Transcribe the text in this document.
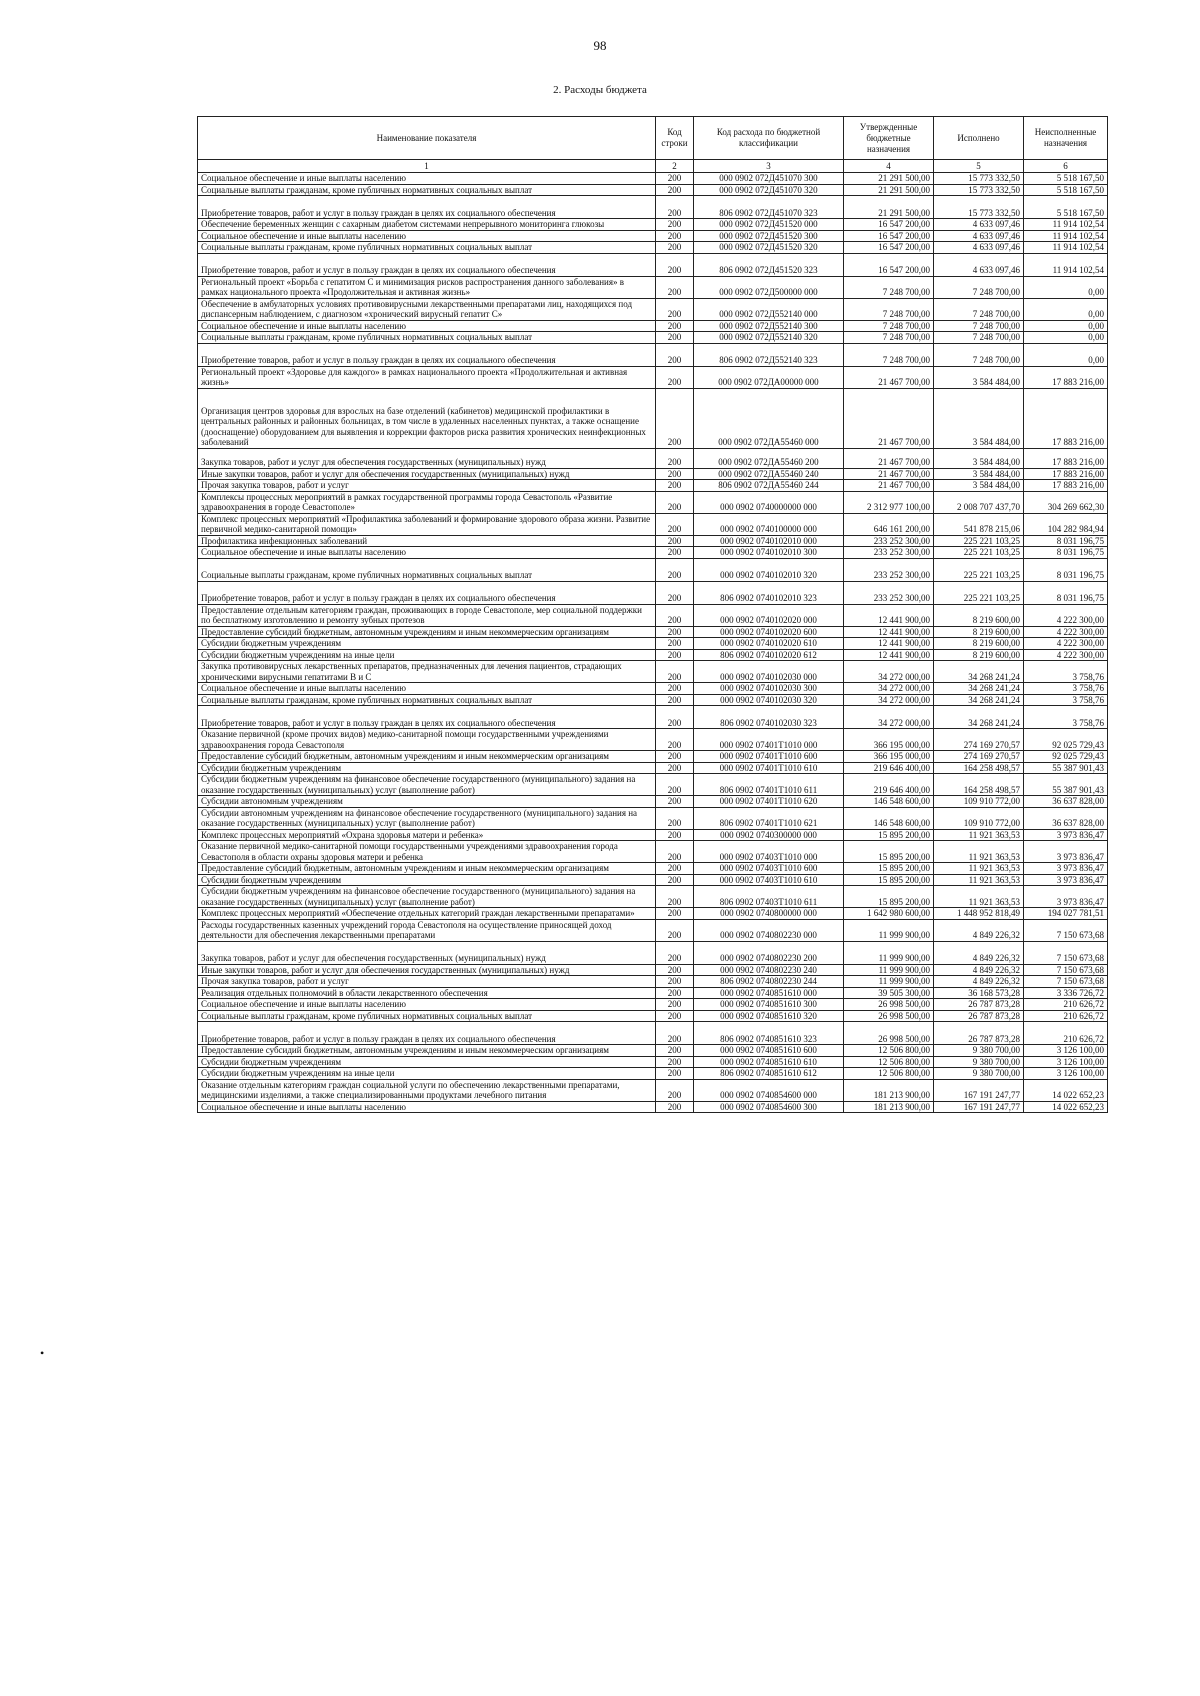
98
2. Расходы бюджета
•
Наименование показателя	Код строки	Код расхода по бюджетной классификации	Утвержденные бюджетные назначения	Исполнено	Неисполненные назначения
1	2	3	4	5	6
Социальное обеспечение и иные выплаты населению	200	000 0902 072Д451070 300	21 291 500,00	15 773 332,50	5 518 167,50
Социальные выплаты гражданам, кроме публичных нормативных социальных выплат	200	000 0902 072Д451070 320	21 291 500,00	15 773 332,50	5 518 167,50
Приобретение товаров, работ и услуг в пользу граждан в целях их социального обеспечения	200	806 0902 072Д451070 323	21 291 500,00	15 773 332,50	5 518 167,50
Обеспечение беременных женщин с сахарным диабетом системами непрерывного мониторинга глюкозы	200	000 0902 072Д451520 000	16 547 200,00	4 633 097,46	11 914 102,54
Социальное обеспечение и иные выплаты населению	200	000 0902 072Д451520 300	16 547 200,00	4 633 097,46	11 914 102,54
Социальные выплаты гражданам, кроме публичных нормативных социальных выплат	200	000 0902 072Д451520 320	16 547 200,00	4 633 097,46	11 914 102,54
Приобретение товаров, работ и услуг в пользу граждан в целях их социального обеспечения	200	806 0902 072Д451520 323	16 547 200,00	4 633 097,46	11 914 102,54
Региональный проект «Борьба с гепатитом С и минимизация рисков распространения данного заболевания» в рамках национального проекта «Продолжительная и активная жизнь»	200	000 0902 072Д500000 000	7 248 700,00	7 248 700,00	0,00
Обеспечение в амбулаторных условиях противовирусными лекарственными препаратами лиц, находящихся под диспансерным наблюдением, с диагнозом «хронический вирусный гепатит С»	200	000 0902 072Д552140 000	7 248 700,00	7 248 700,00	0,00
Социальное обеспечение и иные выплаты населению	200	000 0902 072Д552140 300	7 248 700,00	7 248 700,00	0,00
Социальные выплаты гражданам, кроме публичных нормативных социальных выплат	200	000 0902 072Д552140 320	7 248 700,00	7 248 700,00	0,00
Приобретение товаров, работ и услуг в пользу граждан в целях их социального обеспечения	200	806 0902 072Д552140 323	7 248 700,00	7 248 700,00	0,00
Региональный проект «Здоровье для каждого» в рамках национального проекта «Продолжительная и активная жизнь»	200	000 0902 072ДА00000 000	21 467 700,00	3 584 484,00	17 883 216,00
Организация центров здоровья для взрослых на базе отделений (кабинетов) медицинской профилактики в центральных районных и районных больницах, в том числе в удаленных населенных пунктах, а также оснащение (дооснащение) оборудованием для выявления и коррекции факторов риска развития хронических неинфекционных заболеваний	200	000 0902 072ДА55460 000	21 467 700,00	3 584 484,00	17 883 216,00
Закупка товаров, работ и услуг для обеспечения государственных (муниципальных) нужд	200	000 0902 072ДА55460 200	21 467 700,00	3 584 484,00	17 883 216,00
Иные закупки товаров, работ и услуг для обеспечения государственных (муниципальных) нужд	200	000 0902 072ДА55460 240	21 467 700,00	3 584 484,00	17 883 216,00
Прочая закупка товаров, работ и услуг	200	806 0902 072ДА55460 244	21 467 700,00	3 584 484,00	17 883 216,00
Комплексы процессных мероприятий в рамках государственной программы города Севастополь «Развитие здравоохранения в городе Севастополе»	200	000 0902 0740000000 000	2 312 977 100,00	2 008 707 437,70	304 269 662,30
Комплекс процессных мероприятий «Профилактика заболеваний и формирование здорового образа жизни. Развитие первичной медико-санитарной помощи»	200	000 0902 0740100000 000	646 161 200,00	541 878 215,06	104 282 984,94
Профилактика инфекционных заболеваний	200	000 0902 0740102010 000	233 252 300,00	225 221 103,25	8 031 196,75
Социальное обеспечение и иные выплаты населению	200	000 0902 0740102010 300	233 252 300,00	225 221 103,25	8 031 196,75
Социальные выплаты гражданам, кроме публичных нормативных социальных выплат	200	000 0902 0740102010 320	233 252 300,00	225 221 103,25	8 031 196,75
Приобретение товаров, работ и услуг в пользу граждан в целях их социального обеспечения	200	806 0902 0740102010 323	233 252 300,00	225 221 103,25	8 031 196,75
Предоставление отдельным категориям граждан, проживающих в городе Севастополе, мер социальной поддержки по бесплатному изготовлению и ремонту зубных протезов	200	000 0902 0740102020 000	12 441 900,00	8 219 600,00	4 222 300,00
Предоставление субсидий бюджетным, автономным учреждениям и иным некоммерческим организациям	200	000 0902 0740102020 600	12 441 900,00	8 219 600,00	4 222 300,00
Субсидии бюджетным учреждениям	200	000 0902 0740102020 610	12 441 900,00	8 219 600,00	4 222 300,00
Субсидии бюджетным учреждениям на иные цели	200	806 0902 0740102020 612	12 441 900,00	8 219 600,00	4 222 300,00
Закупка противовирусных лекарственных препаратов, предназначенных для лечения пациентов, страдающих хроническими вирусными гепатитами В и С	200	000 0902 0740102030 000	34 272 000,00	34 268 241,24	3 758,76
Социальное обеспечение и иные выплаты населению	200	000 0902 0740102030 300	34 272 000,00	34 268 241,24	3 758,76
Социальные выплаты гражданам, кроме публичных нормативных социальных выплат	200	000 0902 0740102030 320	34 272 000,00	34 268 241,24	3 758,76
Приобретение товаров, работ и услуг в пользу граждан в целях их социального обеспечения	200	806 0902 0740102030 323	34 272 000,00	34 268 241,24	3 758,76
Оказание первичной (кроме прочих видов) медико-санитарной помощи государственными учреждениями здравоохранения города Севастополя	200	000 0902 07401Т1010 000	366 195 000,00	274 169 270,57	92 025 729,43
Предоставление субсидий бюджетным, автономным учреждениям и иным некоммерческим организациям	200	000 0902 07401Т1010 600	366 195 000,00	274 169 270,57	92 025 729,43
Субсидии бюджетным учреждениям	200	000 0902 07401Т1010 610	219 646 400,00	164 258 498,57	55 387 901,43
Субсидии бюджетным учреждениям на финансовое обеспечение государственного (муниципального) задания на оказание государственных (муниципальных) услуг (выполнение работ)	200	806 0902 07401Т1010 611	219 646 400,00	164 258 498,57	55 387 901,43
Субсидии автономным учреждениям	200	000 0902 07401Т1010 620	146 548 600,00	109 910 772,00	36 637 828,00
Субсидии автономным учреждениям на финансовое обеспечение государственного (муниципального) задания на оказание государственных (муниципальных) услуг (выполнение работ)	200	806 0902 07401Т1010 621	146 548 600,00	109 910 772,00	36 637 828,00
Комплекс процессных мероприятий «Охрана здоровья матери и ребенка»	200	000 0902 0740300000 000	15 895 200,00	11 921 363,53	3 973 836,47
Оказание первичной медико-санитарной помощи государственными учреждениями здравоохранения города Севастополя в области охраны здоровья матери и ребенка	200	000 0902 07403Т1010 000	15 895 200,00	11 921 363,53	3 973 836,47
Предоставление субсидий бюджетным, автономным учреждениям и иным некоммерческим организациям	200	000 0902 07403Т1010 600	15 895 200,00	11 921 363,53	3 973 836,47
Субсидии бюджетным учреждениям	200	000 0902 07403Т1010 610	15 895 200,00	11 921 363,53	3 973 836,47
Субсидии бюджетным учреждениям на финансовое обеспечение государственного (муниципального) задания на оказание государственных (муниципальных) услуг (выполнение работ)	200	806 0902 07403Т1010 611	15 895 200,00	11 921 363,53	3 973 836,47
Комплекс процессных мероприятий «Обеспечение отдельных категорий граждан лекарственными препаратами»	200	000 0902 0740800000 000	1 642 980 600,00	1 448 952 818,49	194 027 781,51
Расходы государственных казенных учреждений города Севастополя на осуществление приносящей доход деятельности для обеспечения лекарственными препаратами	200	000 0902 0740802230 000	11 999 900,00	4 849 226,32	7 150 673,68
Закупка товаров, работ и услуг для обеспечения государственных (муниципальных) нужд	200	000 0902 0740802230 200	11 999 900,00	4 849 226,32	7 150 673,68
Иные закупки товаров, работ и услуг для обеспечения государственных (муниципальных) нужд	200	000 0902 0740802230 240	11 999 900,00	4 849 226,32	7 150 673,68
Прочая закупка товаров, работ и услуг	200	806 0902 0740802230 244	11 999 900,00	4 849 226,32	7 150 673,68
Реализация отдельных полномочий в области лекарственного обеспечения	200	000 0902 0740851610 000	39 505 300,00	36 168 573,28	3 336 726,72
Социальное обеспечение и иные выплаты населению	200	000 0902 0740851610 300	26 998 500,00	26 787 873,28	210 626,72
Социальные выплаты гражданам, кроме публичных нормативных социальных выплат	200	000 0902 0740851610 320	26 998 500,00	26 787 873,28	210 626,72
Приобретение товаров, работ и услуг в пользу граждан в целях их социального обеспечения	200	806 0902 0740851610 323	26 998 500,00	26 787 873,28	210 626,72
Предоставление субсидий бюджетным, автономным учреждениям и иным некоммерческим организациям	200	000 0902 0740851610 600	12 506 800,00	9 380 700,00	3 126 100,00
Субсидии бюджетным учреждениям	200	000 0902 0740851610 610	12 506 800,00	9 380 700,00	3 126 100,00
Субсидии бюджетным учреждениям на иные цели	200	806 0902 0740851610 612	12 506 800,00	9 380 700,00	3 126 100,00
Оказание отдельным категориям граждан социальной услуги по обеспечению лекарственными препаратами, медицинскими изделиями, а также специализированными продуктами лечебного питания	200	000 0902 0740854600 000	181 213 900,00	167 191 247,77	14 022 652,23
Социальное обеспечение и иные выплаты населению	200	000 0902 0740854600 300	181 213 900,00	167 191 247,77	14 022 652,23
